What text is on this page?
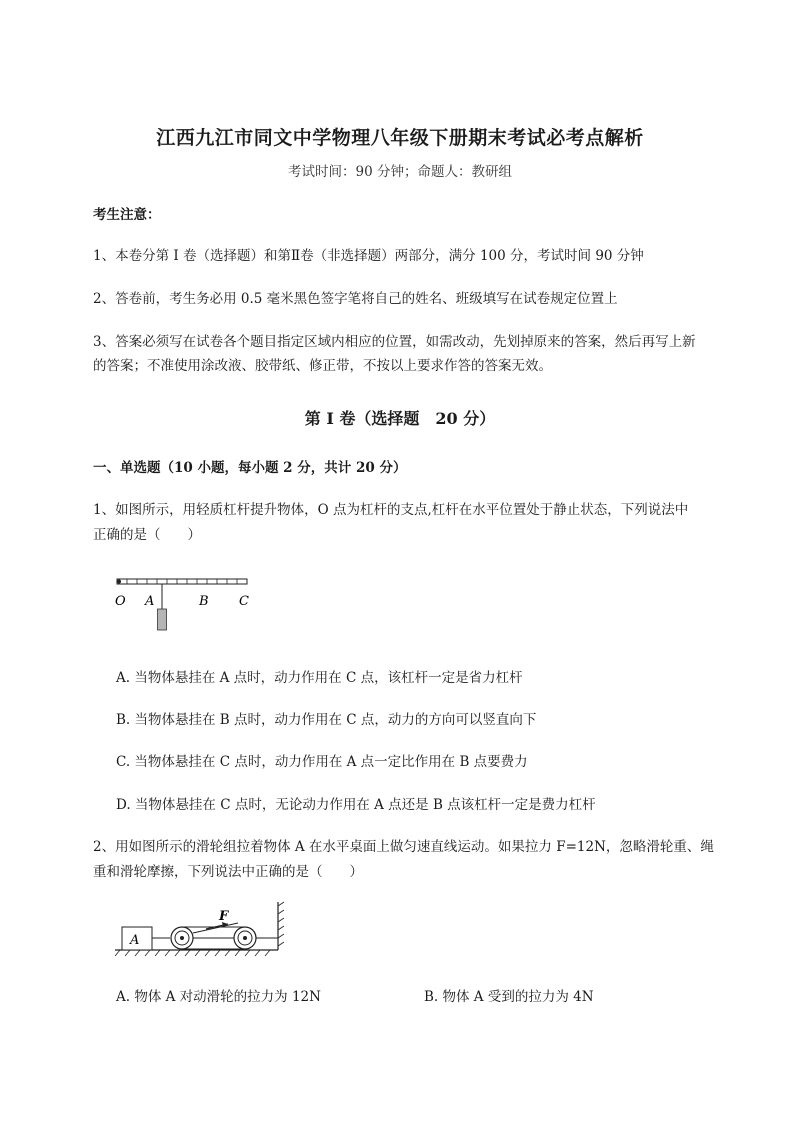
江西九江市同文中学物理八年级下册期末考试必考点解析
考试时间：90 分钟；命题人：教研组
考生注意：
1、本卷分第 I 卷（选择题）和第Ⅱ卷（非选择题）两部分，满分 100 分，考试时间 90 分钟
2、答卷前，考生务必用 0.5 毫米黑色签字笔将自己的姓名、班级填写在试卷规定位置上
3、答案必须写在试卷各个题目指定区域内相应的位置，如需改动，先划掉原来的答案，然后再写上新
的答案；不准使用涂改液、胶带纸、修正带，不按以上要求作答的答案无效。
第 I 卷（选择题　20 分）
一、单选题（10 小题，每小题 2 分，共计 20 分）
1、如图所示，用轻质杠杆提升物体，O 点为杠杆的支点,杠杆在水平位置处于静止状态，下列说法中
正确的是（　　）
O A	B C
A. 当物体悬挂在 A 点时，动力作用在 C 点，该杠杆一定是省力杠杆
B. 当物体悬挂在 B 点时，动力作用在 C 点，动力的方向可以竖直向下
C. 当物体悬挂在 C 点时，动力作用在 A 点一定比作用在 B 点要费力
D. 当物体悬挂在 C 点时，无论动力作用在 A 点还是 B 点该杠杆一定是费力杠杆
2、用如图所示的滑轮组拉着物体 A 在水平桌面上做匀速直线运动。如果拉力 F=12N，忽略滑轮重、绳
重和滑轮摩擦，下列说法中正确的是（　　）
A
F
A. 物体 A 对动滑轮的拉力为 12N	B. 物体 A 受到的拉力为 4N
